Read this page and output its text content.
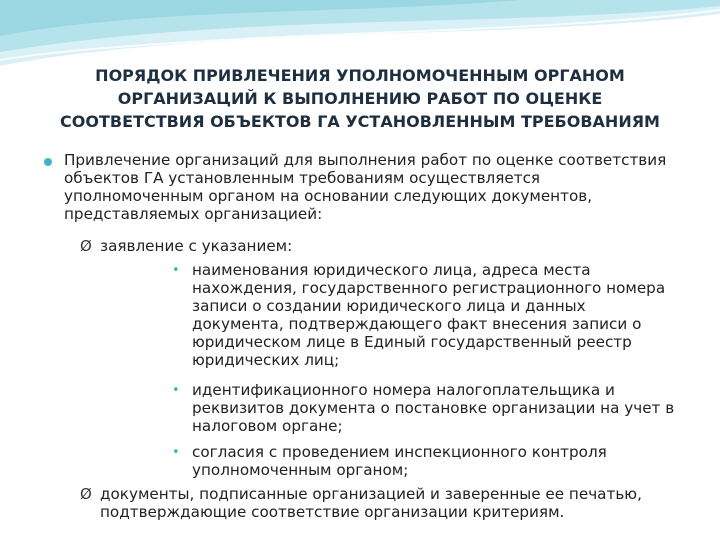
ПОРЯДОК ПРИВЛЕЧЕНИЯ УПОЛНОМОЧЕННЫМ ОРГАНОМ
ОРГАНИЗАЦИЙ К ВЫПОЛНЕНИЮ РАБОТ ПО ОЦЕНКЕ
СООТВЕТСТВИЯ ОБЪЕКТОВ ГА УСТАНОВЛЕННЫМ ТРЕБОВАНИЯМ
Привлечение организаций для выполнения работ по оценке соответствия
объектов ГА установленным требованиям осуществляется
уполномоченным органом на основании следующих документов,
представляемых организацией:
Ø заявление с указанием:
• наименования юридического лица, адреса места
нахождения, государственного регистрационного номера
записи о создании юридического лица и данных
документа, подтверждающего факт внесения записи о
юридическом лице в Единый государственный реестр
юридических лиц;
• идентификационного номера налогоплательщика и
реквизитов документа о постановке организации на учет в
налоговом органе;
• согласия с проведением инспекционного контроля
уполномоченным органом;
Ø документы, подписанные организацией и заверенные ее печатью,
подтверждающие соответствие организации критериям.
